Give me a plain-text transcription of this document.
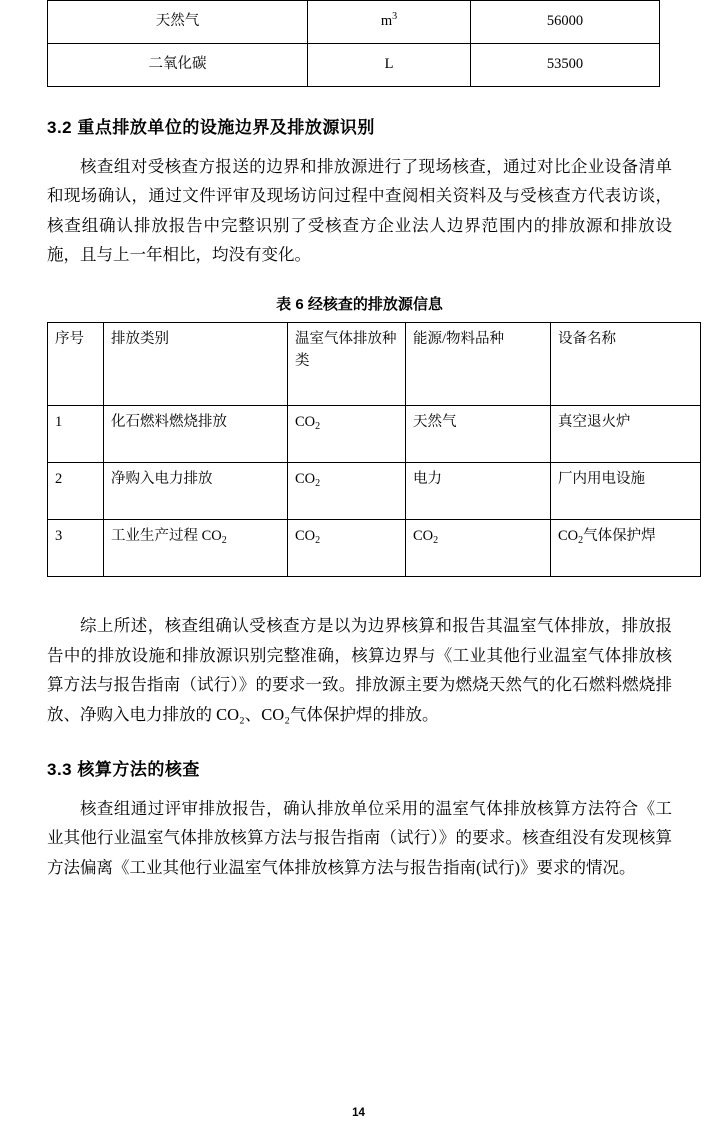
天然气	$m^3$	56000
二氧化碳	L	53500
3.2 重点排放单位的设施边界及排放源识别

核查组对受核查方报送的边界和排放源进行了现场核查，通过对比企业设备清单和现场确认，通过文件评审及现场访问过程中查阅相关资料及与受核查方代表访谈，核查组确认排放报告中完整识别了受核查方企业法人边界范围内的排放源和排放设施，且与上一年相比，均没有变化。

表 6 经核查的排放源信息
序号	排放类别	温室气体排放种类	能源/物料品种	设备名称
1	化石燃料燃烧排放	$CO_2$	天然气	真空退火炉
2	净购入电力排放	$CO_2$	电力	厂内用电设施
3	工业生产过程 $CO_2$	$CO_2$	$CO_2$	$CO_2$气体保护焊

综上所述，核查组确认受核查方是以为边界核算和报告其温室气体排放，排放报告中的排放设施和排放源识别完整准确，核算边界与《工业其他行业温室气体排放核算方法与报告指南（试行）》的要求一致。排放源主要为燃烧天然气的化石燃料燃烧排放、净购入电力排放的 CO₂、CO₂气体保护焊的排放。

3.3 核算方法的核查

核查组通过评审排放报告，确认排放单位采用的温室气体排放核算方法符合《工业其他行业温室气体排放核算方法与报告指南（试行）》的要求。核查组没有发现核算方法偏离《工业其他行业温室气体排放核算方法与报告指南(试行)》要求的情况。

14
